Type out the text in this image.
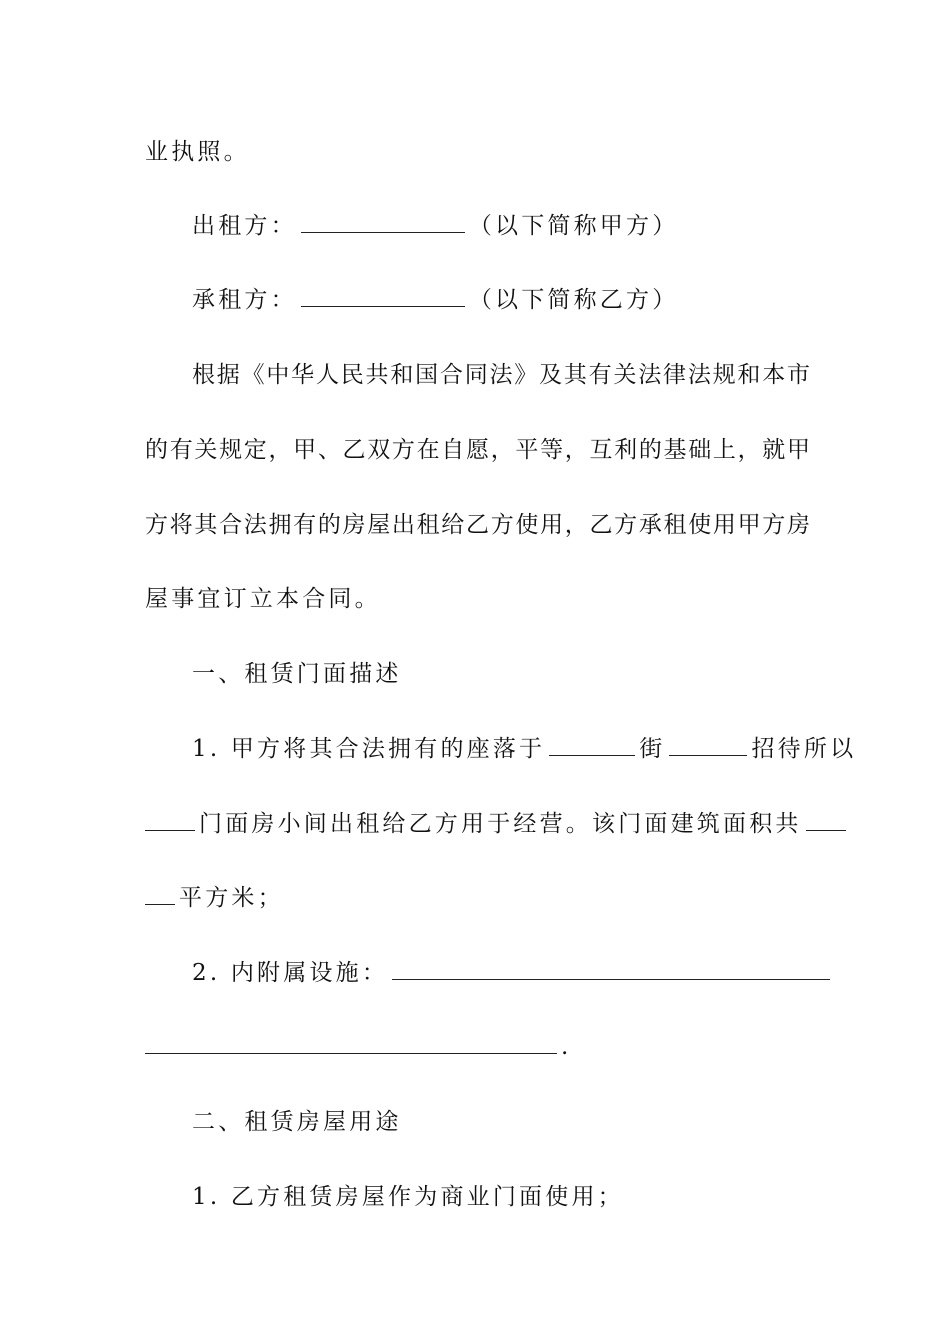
业执照。
出租方：	（以下简称甲方）
承租方：	（以下简称乙方）
根据《中华人民共和国合同法》及其有关法律法规和本市
的有关规定，甲、乙双方在自愿，平等，互利的基础上，就甲
方将其合法拥有的房屋出租给乙方使用，乙方承租使用甲方房
屋事宜订立本合同。
一、租赁门面描述
1. 甲方将其合法拥有的座落于	街	招待所以
门面房小间出租给乙方用于经营。该门面建筑面积共
平方米；
2. 内附属设施：
.
二、租赁房屋用途
1. 乙方租赁房屋作为商业门面使用；
